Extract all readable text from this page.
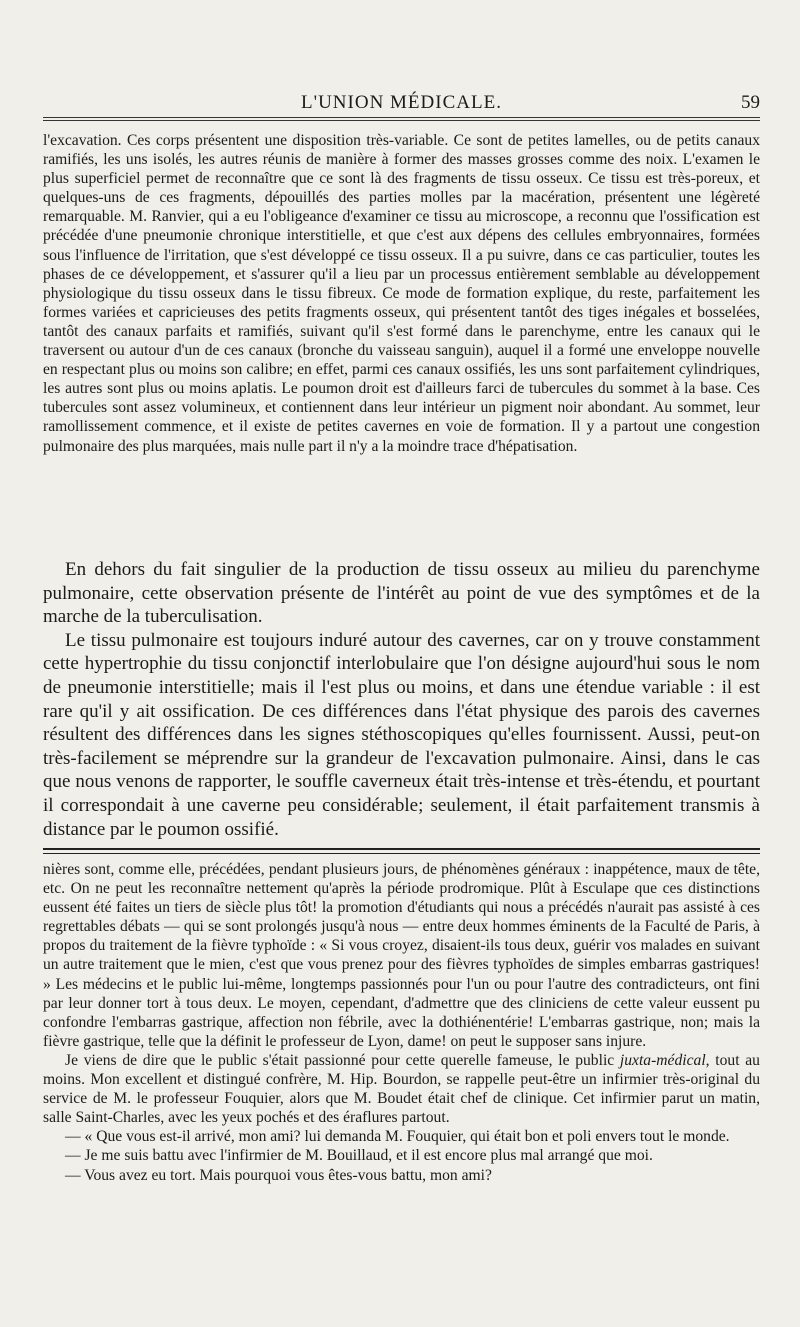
L'UNION MÉDICALE.	59

l'excavation. Ces corps présentent une disposition très-variable. Ce sont de petites lamelles, ou de petits canaux ramifiés, les uns isolés, les autres réunis de manière à former des masses grosses comme des noix. L'examen le plus superficiel permet de reconnaître que ce sont là des fragments de tissu osseux. Ce tissu est très-poreux, et quelques-uns de ces fragments, dépouillés des parties molles par la macération, présentent une légèreté remarquable. M. Ranvier, qui a eu l'obligeance d'examiner ce tissu au microscope, a reconnu que l'ossification est précédée d'une pneumonie chronique interstitielle, et que c'est aux dépens des cellules embryonnaires, formées sous l'influence de l'irritation, que s'est développé ce tissu osseux. Il a pu suivre, dans ce cas particulier, toutes les phases de ce développement, et s'assurer qu'il a lieu par un processus entièrement semblable au développement physiologique du tissu osseux dans le tissu fibreux. Ce mode de formation explique, du reste, parfaitement les formes variées et capricieuses des petits fragments osseux, qui présentent tantôt des tiges inégales et bosselées, tantôt des canaux parfaits et ramifiés, suivant qu'il s'est formé dans le parenchyme, entre les canaux qui le traversent ou autour d'un de ces canaux (bronche du vaisseau sanguin), auquel il a formé une enveloppe nouvelle en respectant plus ou moins son calibre; en effet, parmi ces canaux ossifiés, les uns sont parfaitement cylindriques, les autres sont plus ou moins aplatis. Le poumon droit est d'ailleurs farci de tubercules du sommet à la base. Ces tubercules sont assez volumineux, et contiennent dans leur intérieur un pigment noir abondant. Au sommet, leur ramollissement commence, et il existe de petites cavernes en voie de formation. Il y a partout une congestion pulmonaire des plus marquées, mais nulle part il n'y a la moindre trace d'hépatisation.

En dehors du fait singulier de la production de tissu osseux au milieu du parenchyme pulmonaire, cette observation présente de l'intérêt au point de vue des symptômes et de la marche de la tuberculisation.

Le tissu pulmonaire est toujours induré autour des cavernes, car on y trouve constamment cette hypertrophie du tissu conjonctif interlobulaire que l'on désigne aujourd'hui sous le nom de pneumonie interstitielle; mais il l'est plus ou moins, et dans une étendue variable : il est rare qu'il y ait ossification. De ces différences dans l'état physique des parois des cavernes résultent des différences dans les signes stéthoscopiques qu'elles fournissent. Aussi, peut-on très-facilement se méprendre sur la grandeur de l'excavation pulmonaire. Ainsi, dans le cas que nous venons de rapporter, le souffle caverneux était très-intense et très-étendu, et pourtant il correspondait à une caverne peu considérable; seulement, il était parfaitement transmis à distance par le poumon ossifié.

nières sont, comme elle, précédées, pendant plusieurs jours, de phénomènes généraux : inappétence, maux de tête, etc. On ne peut les reconnaître nettement qu'après la période prodromique. Plût à Esculape que ces distinctions eussent été faites un tiers de siècle plus tôt! la promotion d'étudiants qui nous a précédés n'aurait pas assisté à ces regrettables débats — qui se sont prolongés jusqu'à nous — entre deux hommes éminents de la Faculté de Paris, à propos du traitement de la fièvre typhoïde : « Si vous croyez, disaient-ils tous deux, guérir vos malades en suivant un autre traitement que le mien, c'est que vous prenez pour des fièvres typhoïdes de simples embarras gastriques! » Les médecins et le public lui-même, longtemps passionnés pour l'un ou pour l'autre des contradicteurs, ont fini par leur donner tort à tous deux. Le moyen, cependant, d'admettre que des cliniciens de cette valeur eussent pu confondre l'embarras gastrique, affection non fébrile, avec la dothiénentérie! L'embarras gastrique, non; mais la fièvre gastrique, telle que la définit le professeur de Lyon, dame! on peut le supposer sans injure.

Je viens de dire que le public s'était passionné pour cette querelle fameuse, le public juxta-médical, tout au moins. Mon excellent et distingué confrère, M. Hip. Bourdon, se rappelle peut-être un infirmier très-original du service de M. le professeur Fouquier, alors que M. Boudet était chef de clinique. Cet infirmier parut un matin, salle Saint-Charles, avec les yeux pochés et des éraflures partout.

— « Que vous est-il arrivé, mon ami? lui demanda M. Fouquier, qui était bon et poli envers tout le monde.

— Je me suis battu avec l'infirmier de M. Bouillaud, et il est encore plus mal arrangé que moi.

— Vous avez eu tort. Mais pourquoi vous êtes-vous battu, mon ami?
